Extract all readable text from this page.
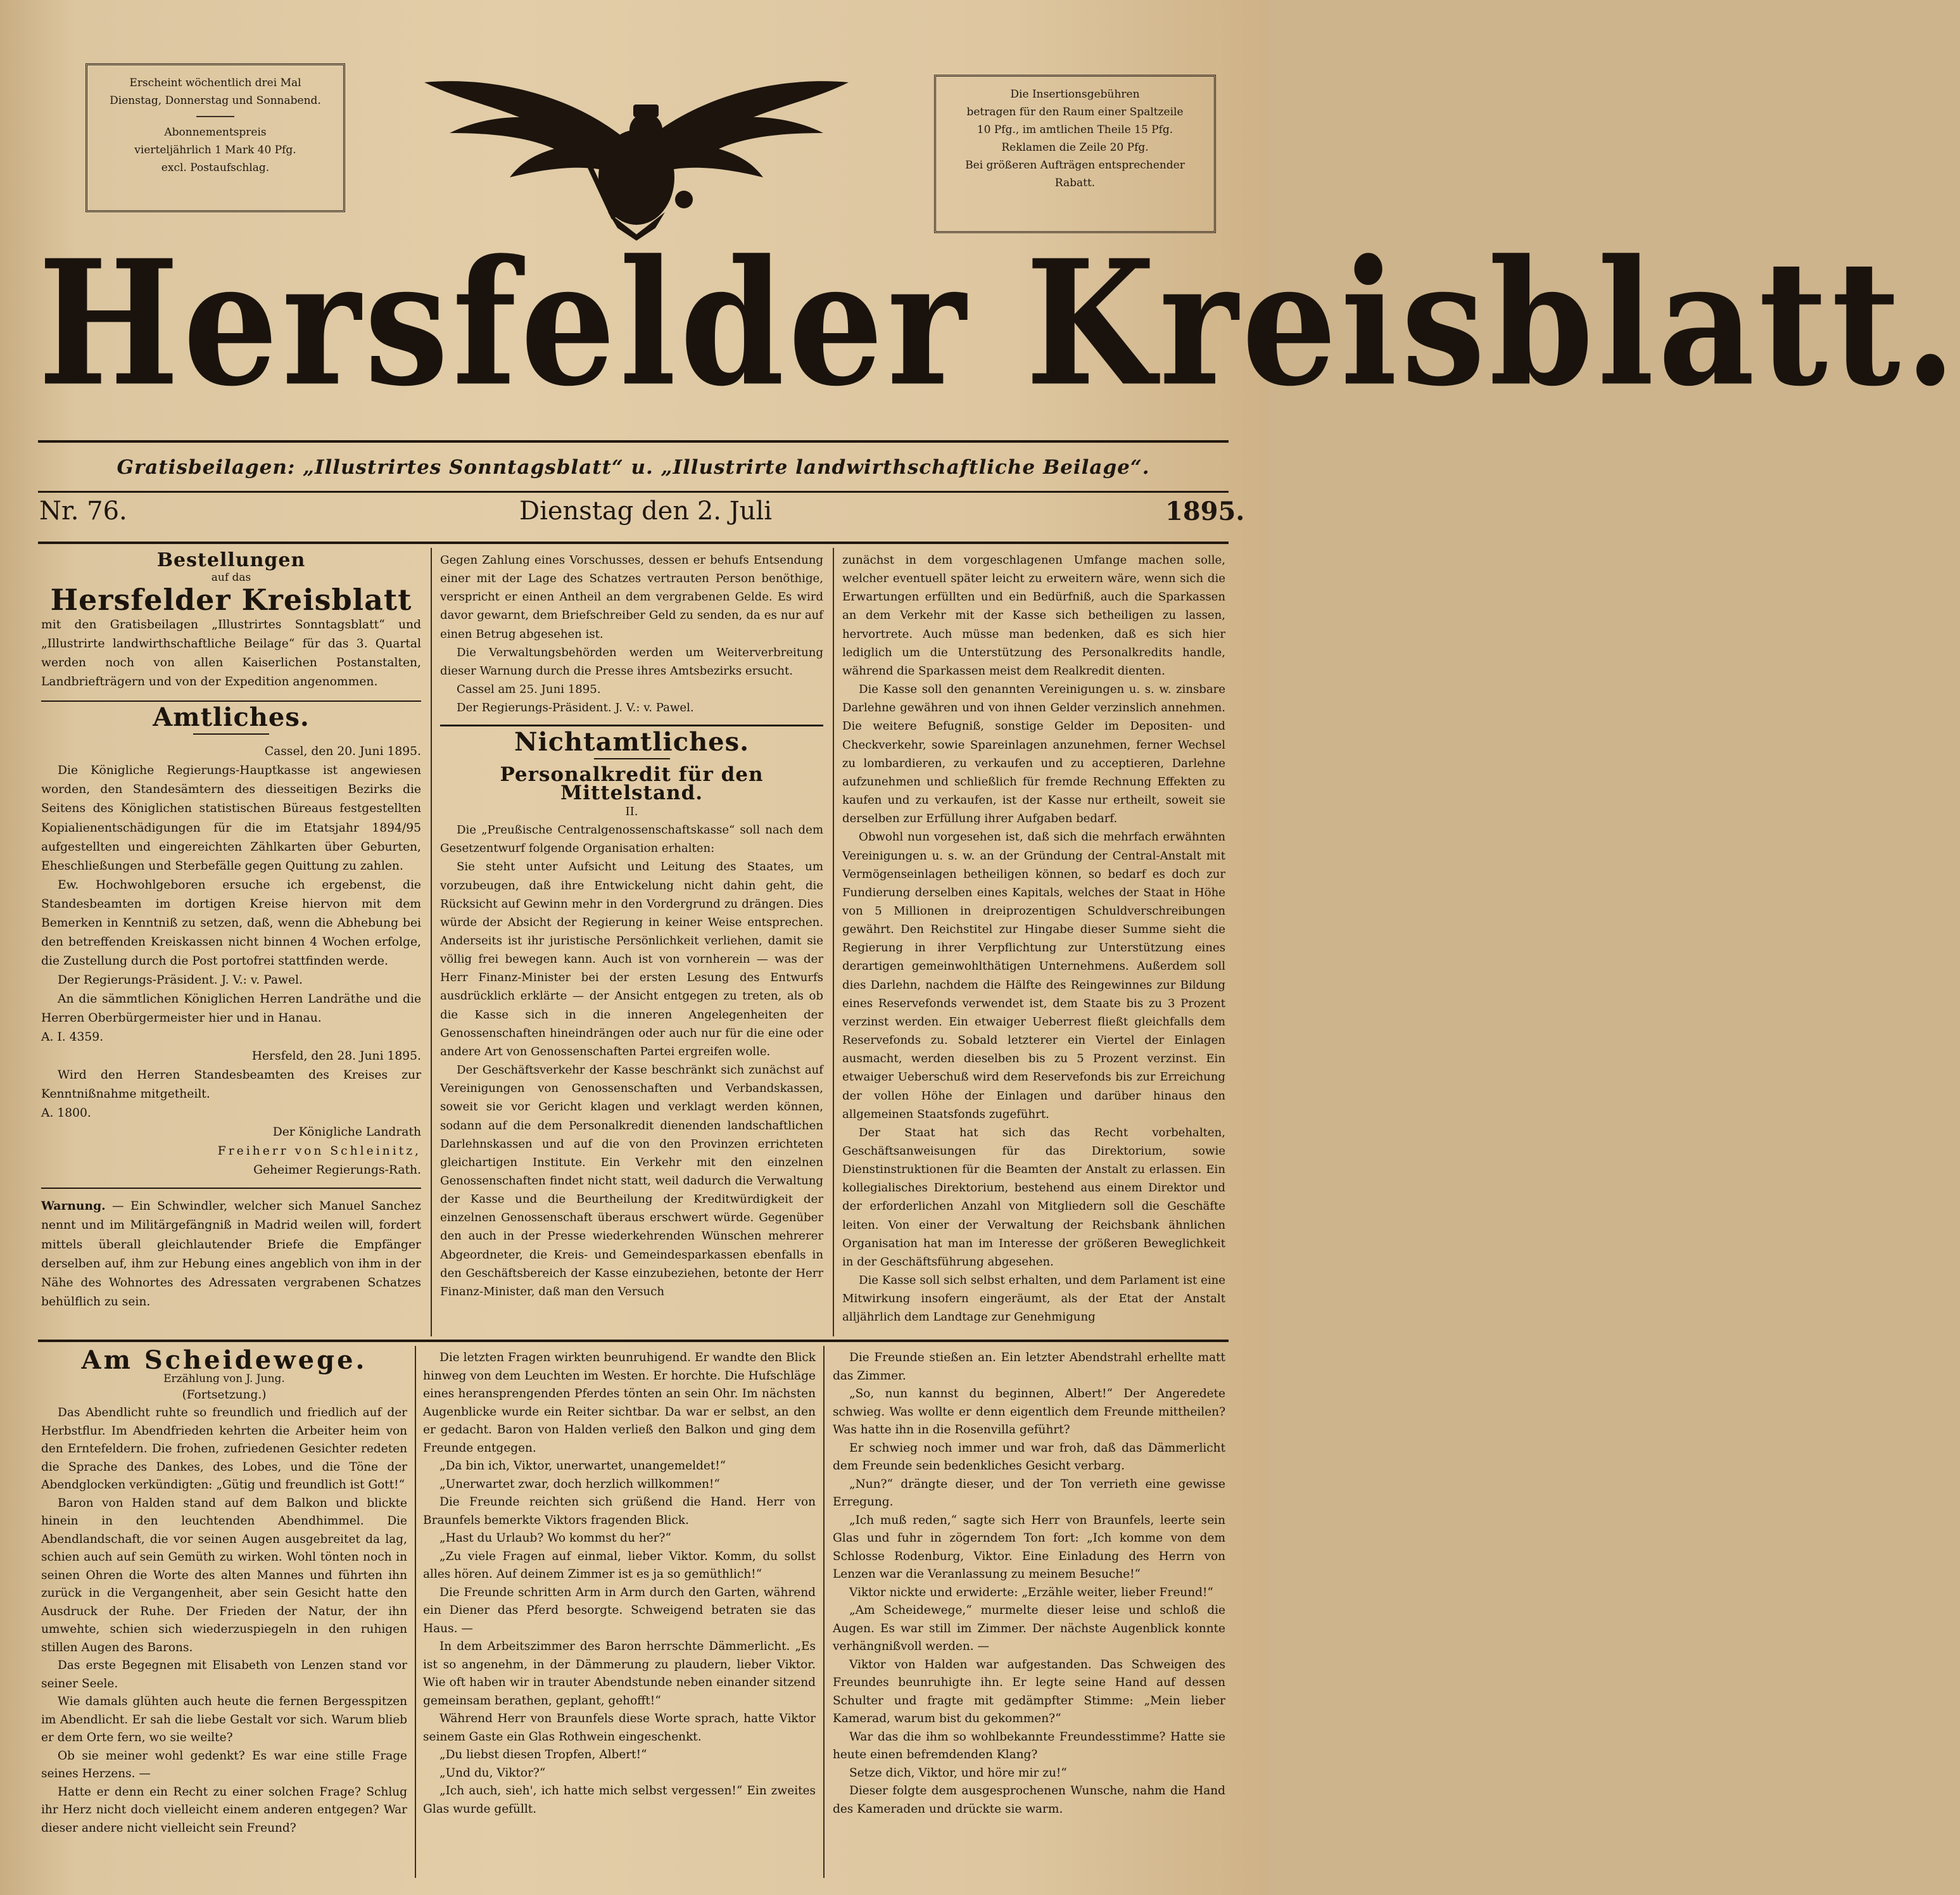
Erscheint wöchentlich drei Mal

Dienstag, Donnerstag und Sonnabend.

Abonnementspreis

vierteljährlich 1 Mark 40 Pfg.

excl. Postaufschlag.

Die Insertionsgebühren

betragen für den Raum einer Spaltzeile

10 Pfg., im amtlichen Theile 15 Pfg.

Reklamen die Zeile 20 Pfg.

Bei größeren Aufträgen entsprechender

Rabatt.

Hersfelder Kreisblatt.
Gratisbeilagen: „Illustrirtes Sonntagsblatt“ u. „Illustrirte landwirthschaftliche Beilage“.
Nr. 76.	Dienstag den 2. Juli	1895.
Bestellungen
auf das
Hersfelder Kreisblatt

mit den Gratisbeilagen „Illustrirtes Sonntagsblatt“ und „Illustrirte landwirthschaftliche Beilage“ für das 3. Quartal werden noch von allen Kaiserlichen Postanstalten, Landbriefträgern und von der Expedition angenommen.

Amtliches.

Cassel, den 20. Juni 1895.

Die Königliche Regierungs-Hauptkasse ist angewiesen worden, den Standesämtern des diesseitigen Bezirks die Seitens des Königlichen statistischen Büreaus festgestellten Kopialienentschädigungen für die im Etatsjahr 1894/95 aufgestellten und eingereichten Zählkarten über Geburten, Eheschließungen und Sterbefälle gegen Quittung zu zahlen.

Ew. Hochwohlgeboren ersuche ich ergebenst, die Standesbeamten im dortigen Kreise hiervon mit dem Bemerken in Kenntniß zu setzen, daß, wenn die Abhebung bei den betreffenden Kreiskassen nicht binnen 4 Wochen erfolge, die Zustellung durch die Post portofrei stattfinden werde.

Der Regierungs-Präsident. J. V.: v. Pawel.

An die sämmtlichen Königlichen Herren Landräthe und die Herren Oberbürgermeister hier und in Hanau.

A. I. 4359.

Hersfeld, den 28. Juni 1895.

Wird den Herren Standesbeamten des Kreises zur Kenntnißnahme mitgetheilt.

A. 1800.

Der Königliche Landrath

Freiherr von Schleinitz,

Geheimer Regierungs-Rath.

Warnung. — Ein Schwindler, welcher sich Manuel Sanchez nennt und im Militärgefängniß in Madrid weilen will, fordert mittels überall gleichlautender Briefe die Empfänger derselben auf, ihm zur Hebung eines angeblich von ihm in der Nähe des Wohnortes des Adressaten vergrabenen Schatzes behülflich zu sein.

Gegen Zahlung eines Vorschusses, dessen er behufs Entsendung einer mit der Lage des Schatzes vertrauten Person benöthige, verspricht er einen Antheil an dem vergrabenen Gelde. Es wird davor gewarnt, dem Briefschreiber Geld zu senden, da es nur auf einen Betrug abgesehen ist.

Die Verwaltungsbehörden werden um Weiterverbreitung dieser Warnung durch die Presse ihres Amtsbezirks ersucht.

Cassel am 25. Juni 1895.

Der Regierungs-Präsident. J. V.: v. Pawel.

Nichtamtliches.
Personalkredit für den Mittelstand.

II.

Die „Preußische Centralgenossenschaftskasse“ soll nach dem Gesetzentwurf folgende Organisation erhalten:

Sie steht unter Aufsicht und Leitung des Staates, um vorzubeugen, daß ihre Entwickelung nicht dahin geht, die Rücksicht auf Gewinn mehr in den Vordergrund zu drängen. Dies würde der Absicht der Regierung in keiner Weise entsprechen. Anderseits ist ihr juristische Persönlichkeit verliehen, damit sie völlig frei bewegen kann. Auch ist von vornherein — was der Herr Finanz-Minister bei der ersten Lesung des Entwurfs ausdrücklich erklärte — der Ansicht entgegen zu treten, als ob die Kasse sich in die inneren Angelegenheiten der Genossenschaften hineindrängen oder auch nur für die eine oder andere Art von Genossenschaften Partei ergreifen wolle.

Der Geschäftsverkehr der Kasse beschränkt sich zunächst auf Vereinigungen von Genossenschaften und Verbandskassen, soweit sie vor Gericht klagen und verklagt werden können, sodann auf die dem Personalkredit dienenden landschaftlichen Darlehnskassen und auf die von den Provinzen errichteten gleichartigen Institute. Ein Verkehr mit den einzelnen Genossenschaften findet nicht statt, weil dadurch die Verwaltung der Kasse und die Beurtheilung der Kreditwürdigkeit der einzelnen Genossenschaft überaus erschwert würde. Gegenüber den auch in der Presse wiederkehrenden Wünschen mehrerer Abgeordneter, die Kreis- und Gemeindesparkassen ebenfalls in den Geschäftsbereich der Kasse einzubeziehen, betonte der Herr Finanz-Minister, daß man den Versuch

zunächst in dem vorgeschlagenen Umfange machen solle, welcher eventuell später leicht zu erweitern wäre, wenn sich die Erwartungen erfüllten und ein Bedürfniß, auch die Sparkassen an dem Verkehr mit der Kasse sich betheiligen zu lassen, hervortrete. Auch müsse man bedenken, daß es sich hier lediglich um die Unterstützung des Personalkredits handle, während die Sparkassen meist dem Realkredit dienten.

Die Kasse soll den genannten Vereinigungen u. s. w. zinsbare Darlehne gewähren und von ihnen Gelder verzinslich annehmen. Die weitere Befugniß, sonstige Gelder im Depositen- und Checkverkehr, sowie Spareinlagen anzunehmen, ferner Wechsel zu lombardieren, zu verkaufen und zu acceptieren, Darlehne aufzunehmen und schließlich für fremde Rechnung Effekten zu kaufen und zu verkaufen, ist der Kasse nur ertheilt, soweit sie derselben zur Erfüllung ihrer Aufgaben bedarf.

Obwohl nun vorgesehen ist, daß sich die mehrfach erwähnten Vereinigungen u. s. w. an der Gründung der Central-Anstalt mit Vermögenseinlagen betheiligen können, so bedarf es doch zur Fundierung derselben eines Kapitals, welches der Staat in Höhe von 5 Millionen in dreiprozentigen Schuldverschreibungen gewährt. Den Reichstitel zur Hingabe dieser Summe sieht die Regierung in ihrer Verpflichtung zur Unterstützung eines derartigen gemeinwohlthätigen Unternehmens. Außerdem soll dies Darlehn, nachdem die Hälfte des Reingewinnes zur Bildung eines Reservefonds verwendet ist, dem Staate bis zu 3 Prozent verzinst werden. Ein etwaiger Ueberrest fließt gleichfalls dem Reservefonds zu. Sobald letzterer ein Viertel der Einlagen ausmacht, werden dieselben bis zu 5 Prozent verzinst. Ein etwaiger Ueberschuß wird dem Reservefonds bis zur Erreichung der vollen Höhe der Einlagen und darüber hinaus den allgemeinen Staatsfonds zugeführt.

Der Staat hat sich das Recht vorbehalten, Geschäftsanweisungen für das Direktorium, sowie Dienstinstruktionen für die Beamten der Anstalt zu erlassen. Ein kollegialisches Direktorium, bestehend aus einem Direktor und der erforderlichen Anzahl von Mitgliedern soll die Geschäfte leiten. Von einer der Verwaltung der Reichsbank ähnlichen Organisation hat man im Interesse der größeren Beweglichkeit in der Geschäftsführung abgesehen.

Die Kasse soll sich selbst erhalten, und dem Parlament ist eine Mitwirkung insofern eingeräumt, als der Etat der Anstalt alljährlich dem Landtage zur Genehmigung

Am Scheidewege.
Erzählung von J. Jung.

(Fortsetzung.)

Das Abendlicht ruhte so freundlich und friedlich auf der Herbstflur. Im Abendfrieden kehrten die Arbeiter heim von den Erntefeldern. Die frohen, zufriedenen Gesichter redeten die Sprache des Dankes, des Lobes, und die Töne der Abendglocken verkündigten: „Gütig und freundlich ist Gott!“

Baron von Halden stand auf dem Balkon und blickte hinein in den leuchtenden Abendhimmel. Die Abendlandschaft, die vor seinen Augen ausgebreitet da lag, schien auch auf sein Gemüth zu wirken. Wohl tönten noch in seinen Ohren die Worte des alten Mannes und führten ihn zurück in die Vergangenheit, aber sein Gesicht hatte den Ausdruck der Ruhe. Der Frieden der Natur, der ihn umwehte, schien sich wiederzuspiegeln in den ruhigen stillen Augen des Barons.

Das erste Begegnen mit Elisabeth von Lenzen stand vor seiner Seele.

Wie damals glühten auch heute die fernen Bergesspitzen im Abendlicht. Er sah die liebe Gestalt vor sich. Warum blieb er dem Orte fern, wo sie weilte?

Ob sie meiner wohl gedenkt? Es war eine stille Frage seines Herzens. —

Hatte er denn ein Recht zu einer solchen Frage? Schlug ihr Herz nicht doch vielleicht einem anderen entgegen? War dieser andere nicht vielleicht sein Freund?

Die letzten Fragen wirkten beunruhigend. Er wandte den Blick hinweg von dem Leuchten im Westen. Er horchte. Die Hufschläge eines heransprengenden Pferdes tönten an sein Ohr. Im nächsten Augenblicke wurde ein Reiter sichtbar. Da war er selbst, an den er gedacht. Baron von Halden verließ den Balkon und ging dem Freunde entgegen.

„Da bin ich, Viktor, unerwartet, unangemeldet!“

„Unerwartet zwar, doch herzlich willkommen!“

Die Freunde reichten sich grüßend die Hand. Herr von Braunfels bemerkte Viktors fragenden Blick.

„Hast du Urlaub? Wo kommst du her?“

„Zu viele Fragen auf einmal, lieber Viktor. Komm, du sollst alles hören. Auf deinem Zimmer ist es ja so gemüthlich!“

Die Freunde schritten Arm in Arm durch den Garten, während ein Diener das Pferd besorgte. Schweigend betraten sie das Haus. —

In dem Arbeitszimmer des Baron herrschte Dämmerlicht. „Es ist so angenehm, in der Dämmerung zu plaudern, lieber Viktor. Wie oft haben wir in trauter Abendstunde neben einander sitzend gemeinsam berathen, geplant, gehofft!“

Während Herr von Braunfels diese Worte sprach, hatte Viktor seinem Gaste ein Glas Rothwein eingeschenkt.

„Du liebst diesen Tropfen, Albert!“

„Und du, Viktor?“

„Ich auch, sieh', ich hatte mich selbst vergessen!“ Ein zweites Glas wurde gefüllt.

Die Freunde stießen an. Ein letzter Abendstrahl erhellte matt das Zimmer.

„So, nun kannst du beginnen, Albert!“ Der Angeredete schwieg. Was wollte er denn eigentlich dem Freunde mittheilen? Was hatte ihn in die Rosenvilla geführt?

Er schwieg noch immer und war froh, daß das Dämmerlicht dem Freunde sein bedenkliches Gesicht verbarg.

„Nun?“ drängte dieser, und der Ton verrieth eine gewisse Erregung.

„Ich muß reden,“ sagte sich Herr von Braunfels, leerte sein Glas und fuhr in zögerndem Ton fort: „Ich komme von dem Schlosse Rodenburg, Viktor. Eine Einladung des Herrn von Lenzen war die Veranlassung zu meinem Besuche!“

Viktor nickte und erwiderte: „Erzähle weiter, lieber Freund!“

„Am Scheidewege,“ murmelte dieser leise und schloß die Augen. Es war still im Zimmer. Der nächste Augenblick konnte verhängnißvoll werden. —

Viktor von Halden war aufgestanden. Das Schweigen des Freundes beunruhigte ihn. Er legte seine Hand auf dessen Schulter und fragte mit gedämpfter Stimme: „Mein lieber Kamerad, warum bist du gekommen?“

War das die ihm so wohlbekannte Freundesstimme? Hatte sie heute einen befremdenden Klang?

Setze dich, Viktor, und höre mir zu!“

Dieser folgte dem ausgesprochenen Wunsche, nahm die Hand des Kameraden und drückte sie warm.
